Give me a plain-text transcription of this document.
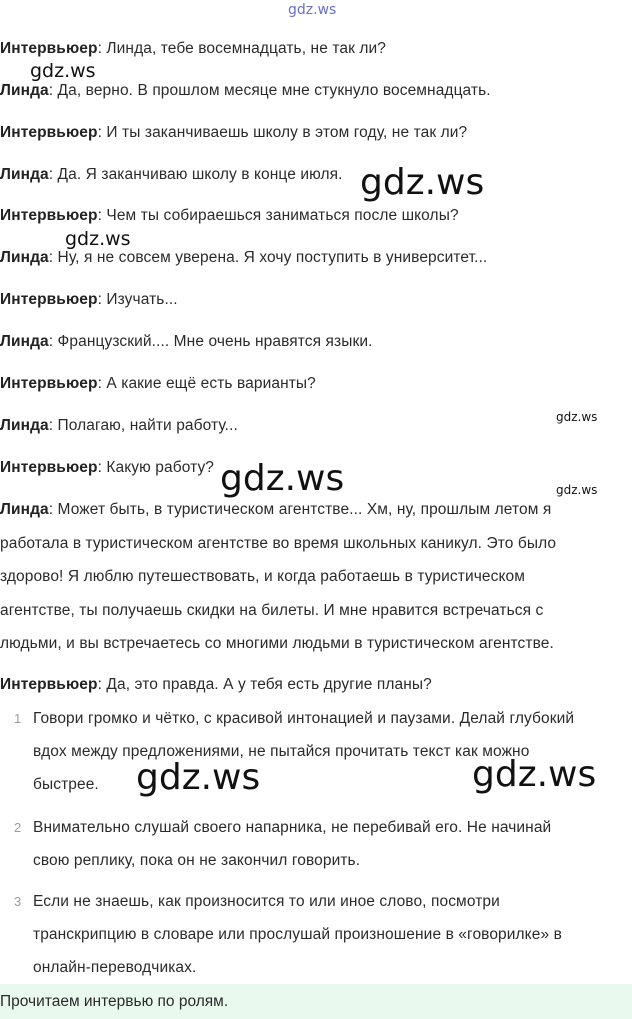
Интервьюер: Линда, тебе восемнадцать, не так ли?
Линда: Да, верно. В прошлом месяце мне стукнуло восемнадцать.
Интервьюер: И ты заканчиваешь школу в этом году, не так ли?
Линда: Да. Я заканчиваю школу в конце июля.
Интервьюер: Чем ты собираешься заниматься после школы?
Линда: Ну, я не совсем уверена. Я хочу поступить в университет...
Интервьюер: Изучать...
Линда: Французский.... Мне очень нравятся языки.
Интервьюер: А какие ещё есть варианты?
Линда: Полагаю, найти работу...
Интервьюер: Какую работу?
Линда: Может быть, в туристическом агентстве... Хм, ну, прошлым летом я
работала в туристическом агентстве во время школьных каникул. Это было
здорово! Я люблю путешествовать, и когда работаешь в туристическом
агентстве, ты получаешь скидки на билеты. И мне нравится встречаться с
людьми, и вы встречаетесь со многими людьми в туристическом агентстве.
Интервьюер: Да, это правда. А у тебя есть другие планы?
1 Говори громко и чётко, с красивой интонацией и паузами. Делай глубокий
вдох между предложениями, не пытайся прочитать текст как можно
быстрее.
2 Внимательно слушай своего напарника, не перебивай его. Не начинай
свою реплику, пока он не закончил говорить.
3 Если не знаешь, как произносится то или иное слово, посмотри
транскрипцию в словаре или прослушай произношение в «говорилке» в
онлайн-переводчиках.
Прочитаем интервью по ролям.
gdz.ws
gdz.ws
gdz.ws
gdz.ws
gdz.ws
gdz.ws	gdz.ws
gdz.ws	gdz.ws
